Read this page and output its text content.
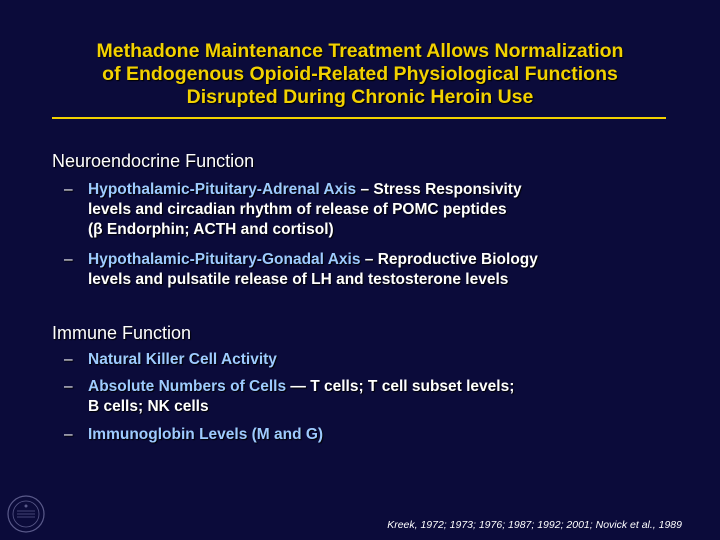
Methadone Maintenance Treatment Allows Normalization
of Endogenous Opioid-Related Physiological Functions
Disrupted During Chronic Heroin Use
Neuroendocrine Function
– Hypothalamic-Pituitary-Adrenal Axis – Stress Responsivity
levels and circadian rhythm of release of POMC peptides
(β Endorphin; ACTH and cortisol)
– Hypothalamic-Pituitary-Gonadal Axis – Reproductive Biology
levels and pulsatile release of LH and testosterone levels
Immune Function
– Natural Killer Cell Activity
– Absolute Numbers of Cells — T cells; T cell subset levels;
B cells; NK cells
– Immunoglobin Levels (M and G)
Kreek, 1972; 1973; 1976; 1987; 1992; 2001; Novick et al., 1989
